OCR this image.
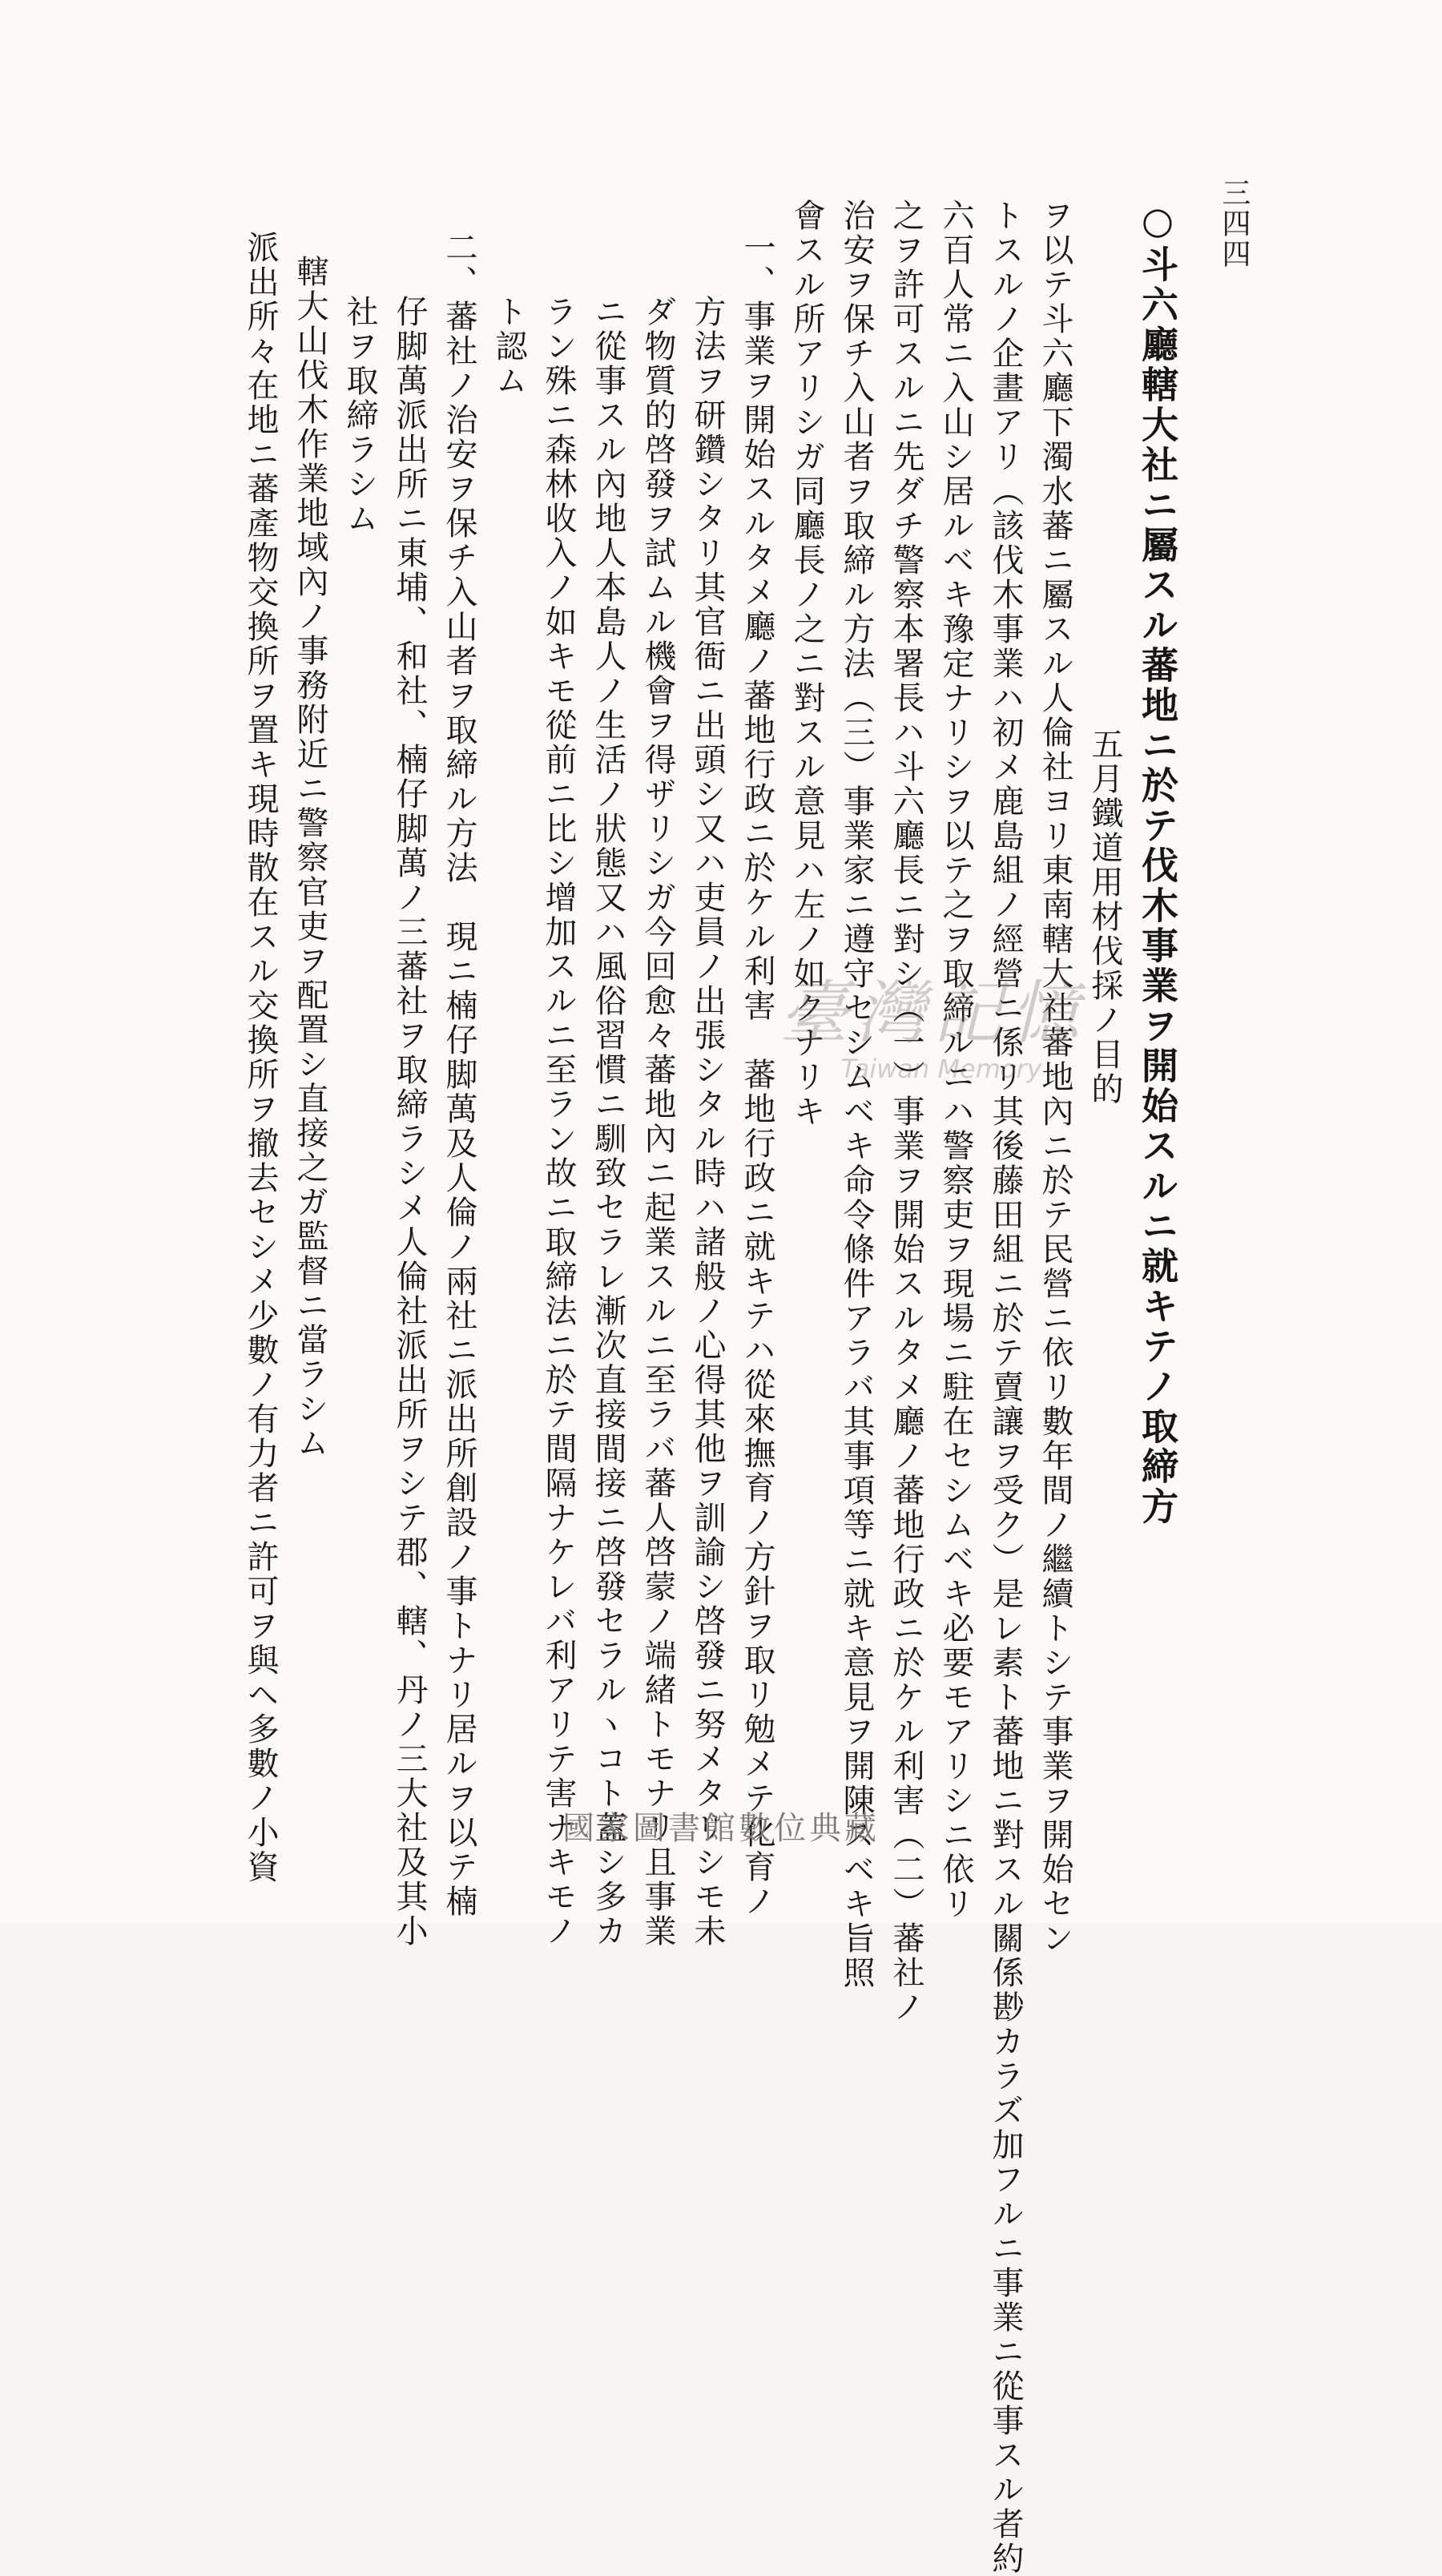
三四四
○斗六廳轄大社ニ屬スル蕃地ニ於テ伐木事業ヲ開始スルニ就キテノ取締方
五月鐵道用材伐採ノ目的
ヲ以テ斗六廳下濁水蕃ニ屬スル人倫社ヨリ東南轄大社蕃地內ニ於テ民營ニ依リ數年間ノ繼續トシテ事業ヲ開始セン
トスルノ企畫アリ（該伐木事業ハ初メ鹿島組ノ經營ニ係リ其後藤田組ニ於テ賣讓ヲ受ク）是レ素ト蕃地ニ對スル關係尠カラズ加フルニ事業ニ從事スル者約
六百人常ニ入山シ居ルベキ豫定ナリシヲ以テ之ヲ取締ルニハ警察吏ヲ現場ニ駐在セシムベキ必要モアリシニ依リ
之ヲ許可スルニ先ダチ警察本署長ハ斗六廳長ニ對シ（一）事業ヲ開始スルタメ廳ノ蕃地行政ニ於ケル利害（二）蕃社ノ
治安ヲ保チ入山者ヲ取締ル方法（三）事業家ニ遵守セシムベキ命令條件アラバ其事項等ニ就キ意見ヲ開陳スベキ旨照
會スル所アリシガ同廳長ノ之ニ對スル意見ハ左ノ如クナリキ
一、事業ヲ開始スルタメ廳ノ蕃地行政ニ於ケル利害　蕃地行政ニ就キテハ從來撫育ノ方針ヲ取リ勉メテ化育ノ
方法ヲ研鑽シタリ其官衙ニ出頭シ又ハ吏員ノ出張シタル時ハ諸般ノ心得其他ヲ訓諭シ啓發ニ努メタリシモ未
ダ物質的啓發ヲ試ムル機會ヲ得ザリシガ今回愈々蕃地內ニ起業スルニ至ラバ蕃人啓蒙ノ端緒トモナリ且事業
ニ從事スル內地人本島人ノ生活ノ狀態又ハ風俗習慣ニ馴致セラレ漸次直接間接ニ啓發セラルヽコト蓋シ多カ
ラン殊ニ森林收入ノ如キモ從前ニ比シ增加スルニ至ラン故ニ取締法ニ於テ間隔ナケレバ利アリテ害ナキモノ
ト認ム
二、蕃社ノ治安ヲ保チ入山者ヲ取締ル方法　現ニ楠仔脚萬及人倫ノ兩社ニ派出所創設ノ事トナリ居ルヲ以テ楠
仔脚萬派出所ニ東埔、和社、楠仔脚萬ノ三蕃社ヲ取締ラシメ人倫社派出所ヲシテ郡、轄、丹ノ三大社及其小
社ヲ取締ラシム
轄大山伐木作業地域內ノ事務附近ニ警察官吏ヲ配置シ直接之ガ監督ニ當ラシム
派出所々在地ニ蕃產物交換所ヲ置キ現時散在スル交換所ヲ撤去セシメ少數ノ有力者ニ許可ヲ與ヘ多數ノ小資	臺灣記憶
Taiwan Memory
國家圖書館數位典藏
